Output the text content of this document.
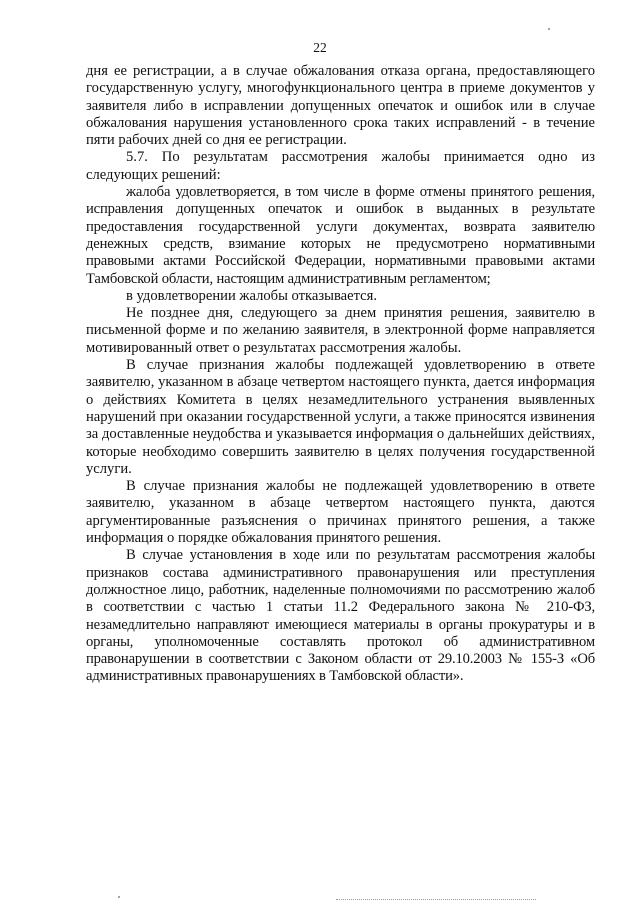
22

дня ее регистрации, а в случае обжалования отказа органа, предоставляющего государственную услугу, многофункционального центра в приеме документов у заявителя либо в исправлении допущенных опечаток и ошибок или в случае обжалования нарушения установленного срока таких исправлений - в течение пяти рабочих дней со дня ее регистрации.

5.7. По результатам рассмотрения жалобы принимается одно из следующих решений:

жалоба удовлетворяется, в том числе в форме отмены принятого решения, исправления допущенных опечаток и ошибок в выданных в результате предоставления государственной услуги документах, возврата заявителю денежных средств, взимание которых не предусмотрено нормативными правовыми актами Российской Федерации, нормативными правовыми актами Тамбовской области, настоящим административным регламентом;

в удовлетворении жалобы отказывается.

Не позднее дня, следующего за днем принятия решения, заявителю в письменной форме и по желанию заявителя, в электронной форме направляется мотивированный ответ о результатах рассмотрения жалобы.

В случае признания жалобы подлежащей удовлетворению в ответе заявителю, указанном в абзаце четвертом настоящего пункта, дается информация о действиях Комитета в целях незамедлительного устранения выявленных нарушений при оказании государственной услуги, а также приносятся извинения за доставленные неудобства и указывается информация о дальнейших действиях, которые необходимо совершить заявителю в целях получения государственной услуги.

В случае признания жалобы не подлежащей удовлетворению в ответе заявителю, указанном в абзаце четвертом настоящего пункта, даются аргументированные разъяснения о причинах принятого решения, а также информация о порядке обжалования принятого решения.

В случае установления в ходе или по результатам рассмотрения жалобы признаков состава административного правонарушения или преступления должностное лицо, работник, наделенные полномочиями по рассмотрению жалоб в соответствии с частью 1 статьи 11.2 Федерального закона № 210-ФЗ, незамедлительно направляют имеющиеся материалы в органы прокуратуры и в органы, уполномоченные составлять протокол об административном правонарушении в соответствии с Законом области от 29.10.2003 № 155-З «Об административных правонарушениях в Тамбовской области».
